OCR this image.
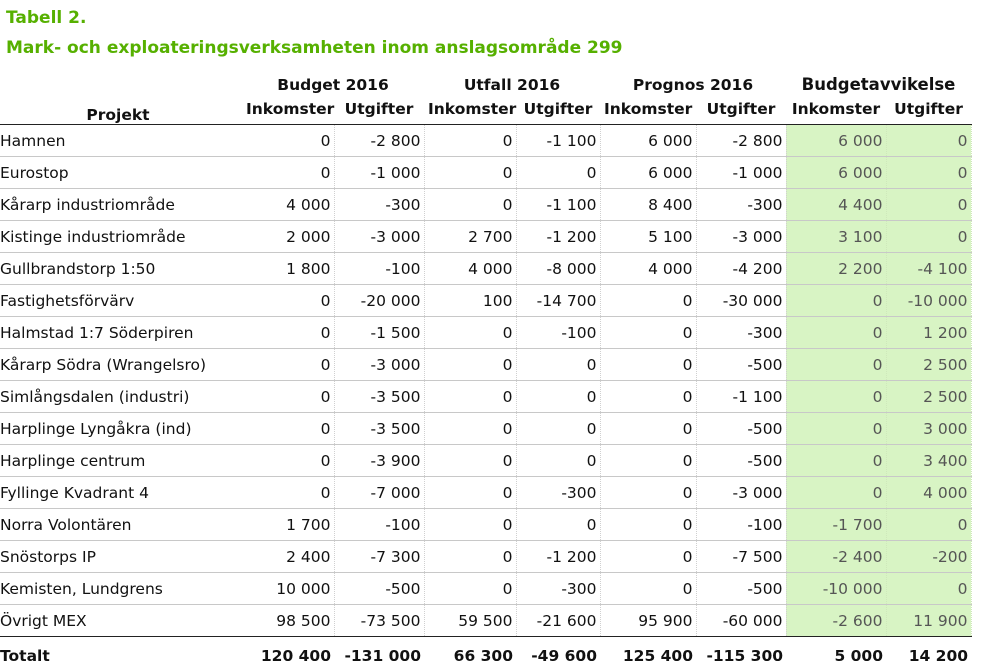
Tabell 2.

Mark- och exploateringsverksamheten inom anslagsområde 299

Projekt	Budget 2016		Utfall 2016		Prognos 2016		Budgetavvikelse	
	Inkomster	Utgifter	Inkomster	Utgifter	Inkomster	Utgifter	Inkomster	Utgifter
Hamnen	0	-2 800	0	-1 100	6 000	-2 800	6 000	0
Eurostop	0	-1 000	0	0	6 000	-1 000	6 000	0
Kårarp industriområde	4 000	-300	0	-1 100	8 400	-300	4 400	0
Kistinge industriområde	2 000	-3 000	2 700	-1 200	5 100	-3 000	3 100	0
Gullbrandstorp 1:50	1 800	-100	4 000	-8 000	4 000	-4 200	2 200	-4 100
Fastighetsförvärv	0	-20 000	100	-14 700	0	-30 000	0	-10 000
Halmstad 1:7 Söderpiren	0	-1 500	0	-100	0	-300	0	1 200
Kårarp Södra (Wrangelsro)	0	-3 000	0	0	0	-500	0	2 500
Simlångsdalen (industri)	0	-3 500	0	0	0	-1 100	0	2 500
Harplinge Lyngåkra (ind)	0	-3 500	0	0	0	-500	0	3 000
Harplinge centrum	0	-3 900	0	0	0	-500	0	3 400
Fyllinge Kvadrant 4	0	-7 000	0	-300	0	-3 000	0	4 000
Norra Volontären	1 700	-100	0	0	0	-100	-1 700	0
Snöstorps IP	2 400	-7 300	0	-1 200	0	-7 500	-2 400	-200
Kemisten, Lundgrens	10 000	-500	0	-300	0	-500	-10 000	0
Övrigt MEX	98 500	-73 500	59 500	-21 600	95 900	-60 000	-2 600	11 900
Totalt	120 400	-131 000	66 300	-49 600	125 400	-115 300	5 000	14 200
